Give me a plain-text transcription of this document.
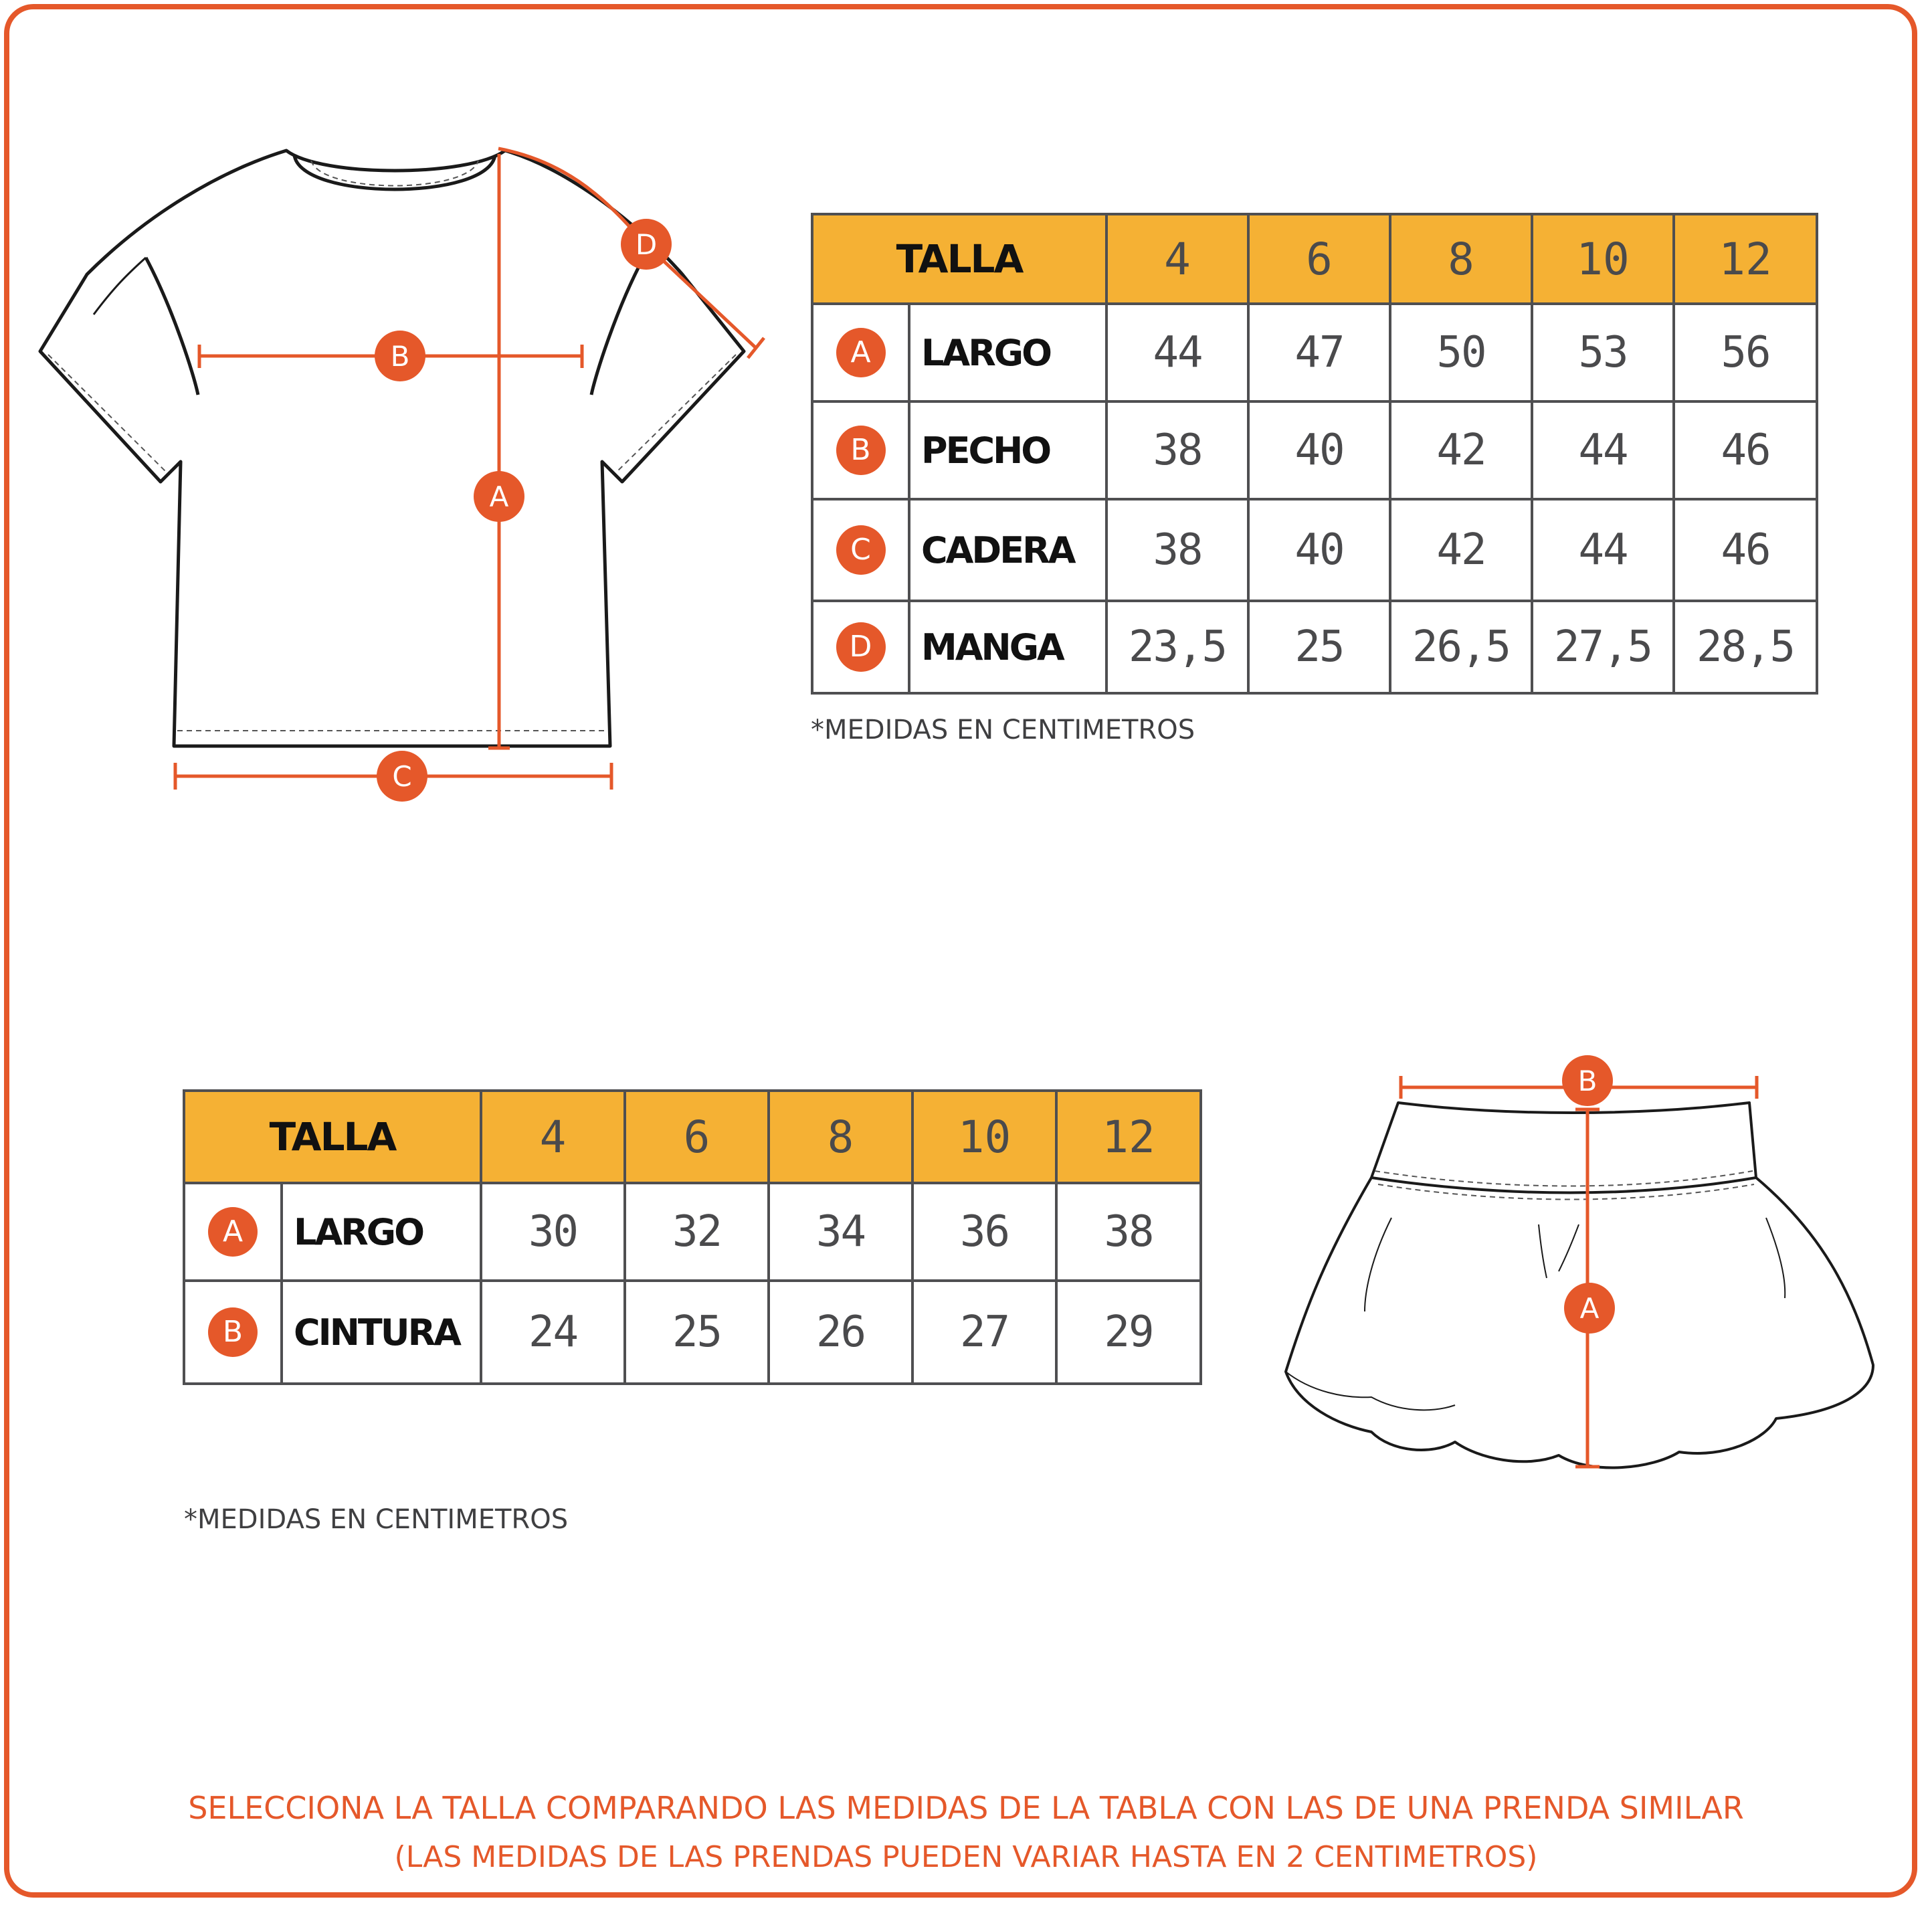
A
B
C
D	TALLA		4	6	8	10	12
A	LARGO	44	47	50	53	56
B	PECHO	38	40	42	44	46
C	CADERA	38	40	42	44	46
D	MANGA	23,5	25	26,5	27,5	28,5
*MEDIDAS EN CENTIMETROS
TALLA		4	6	8	10	12
A	LARGO	30	32	34	36	38
B	CINTURA	24	25	26	27	29
*MEDIDAS EN CENTIMETROS
B
A
SELECCIONA LA TALLA COMPARANDO LAS MEDIDAS DE LA TABLA CON LAS DE UNA PRENDA SIMILAR
(LAS MEDIDAS DE LAS PRENDAS PUEDEN VARIAR HASTA EN 2 CENTIMETROS)
